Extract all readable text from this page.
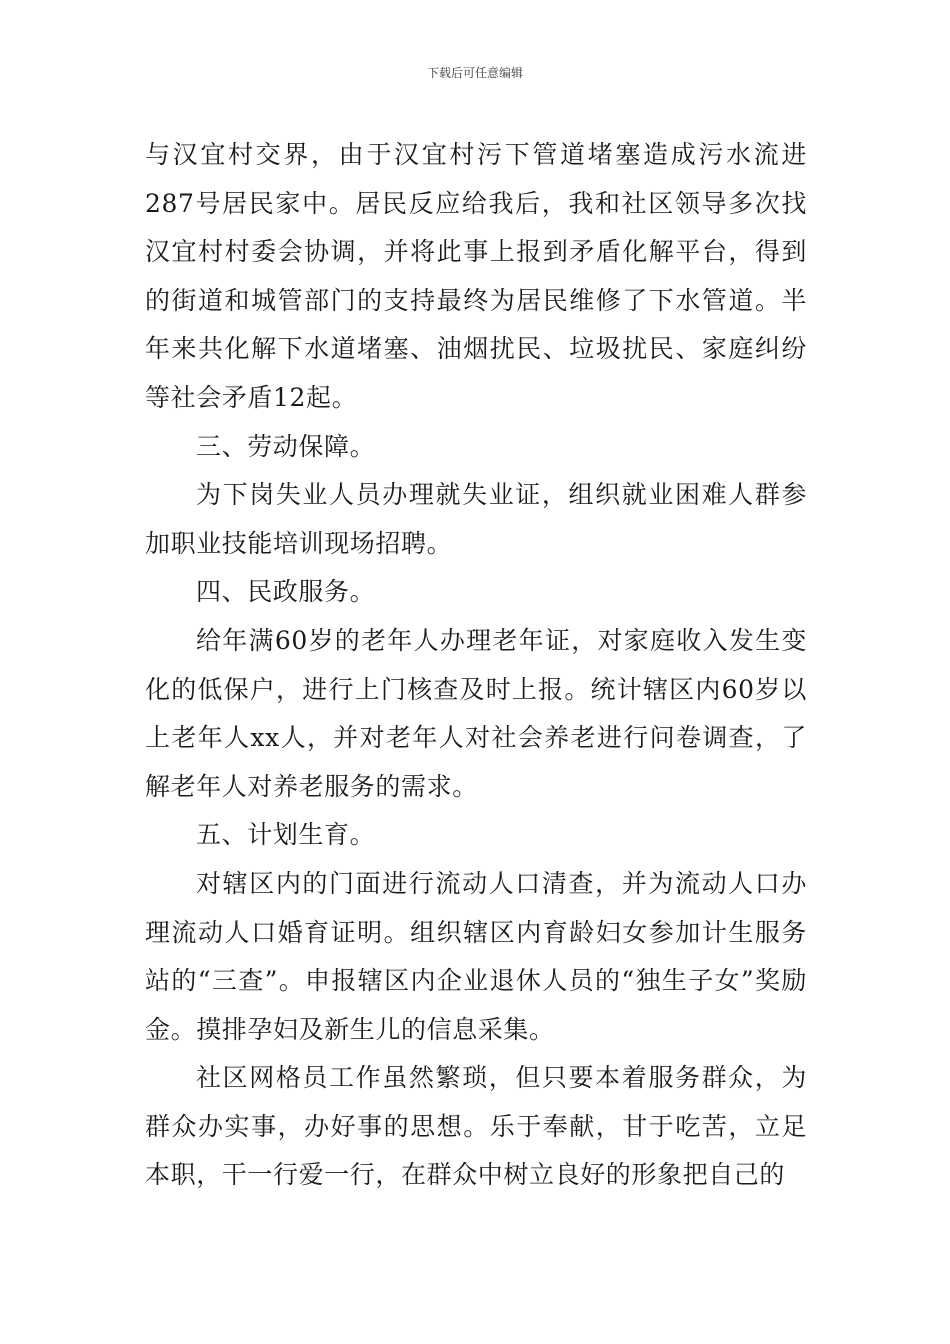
下载后可任意编辑

与汉宜村交界，由于汉宜村污下管道堵塞造成污水流进287号居民家中。居民反应给我后，我和社区领导多次找汉宜村村委会协调，并将此事上报到矛盾化解平台，得到的街道和城管部门的支持最终为居民维修了下水管道。半年来共化解下水道堵塞、油烟扰民、垃圾扰民、家庭纠纷等社会矛盾12起。

三、劳动保障。

为下岗失业人员办理就失业证，组织就业困难人群参加职业技能培训现场招聘。

四、民政服务。

给年满60岁的老年人办理老年证，对家庭收入发生变化的低保户，进行上门核查及时上报。统计辖区内60岁以上老年人xx人，并对老年人对社会养老进行问卷调查，了解老年人对养老服务的需求。

五、计划生育。

对辖区内的门面进行流动人口清查，并为流动人口办理流动人口婚育证明。组织辖区内育龄妇女参加计生服务站的“三查”。申报辖区内企业退休人员的“独生子女”奖励金。摸排孕妇及新生儿的信息采集。

社区网格员工作虽然繁琐，但只要本着服务群众，为群众办实事，办好事的思想。乐于奉献，甘于吃苦，立足本职，干一行爱一行，在群众中树立良好的形象把自己的
